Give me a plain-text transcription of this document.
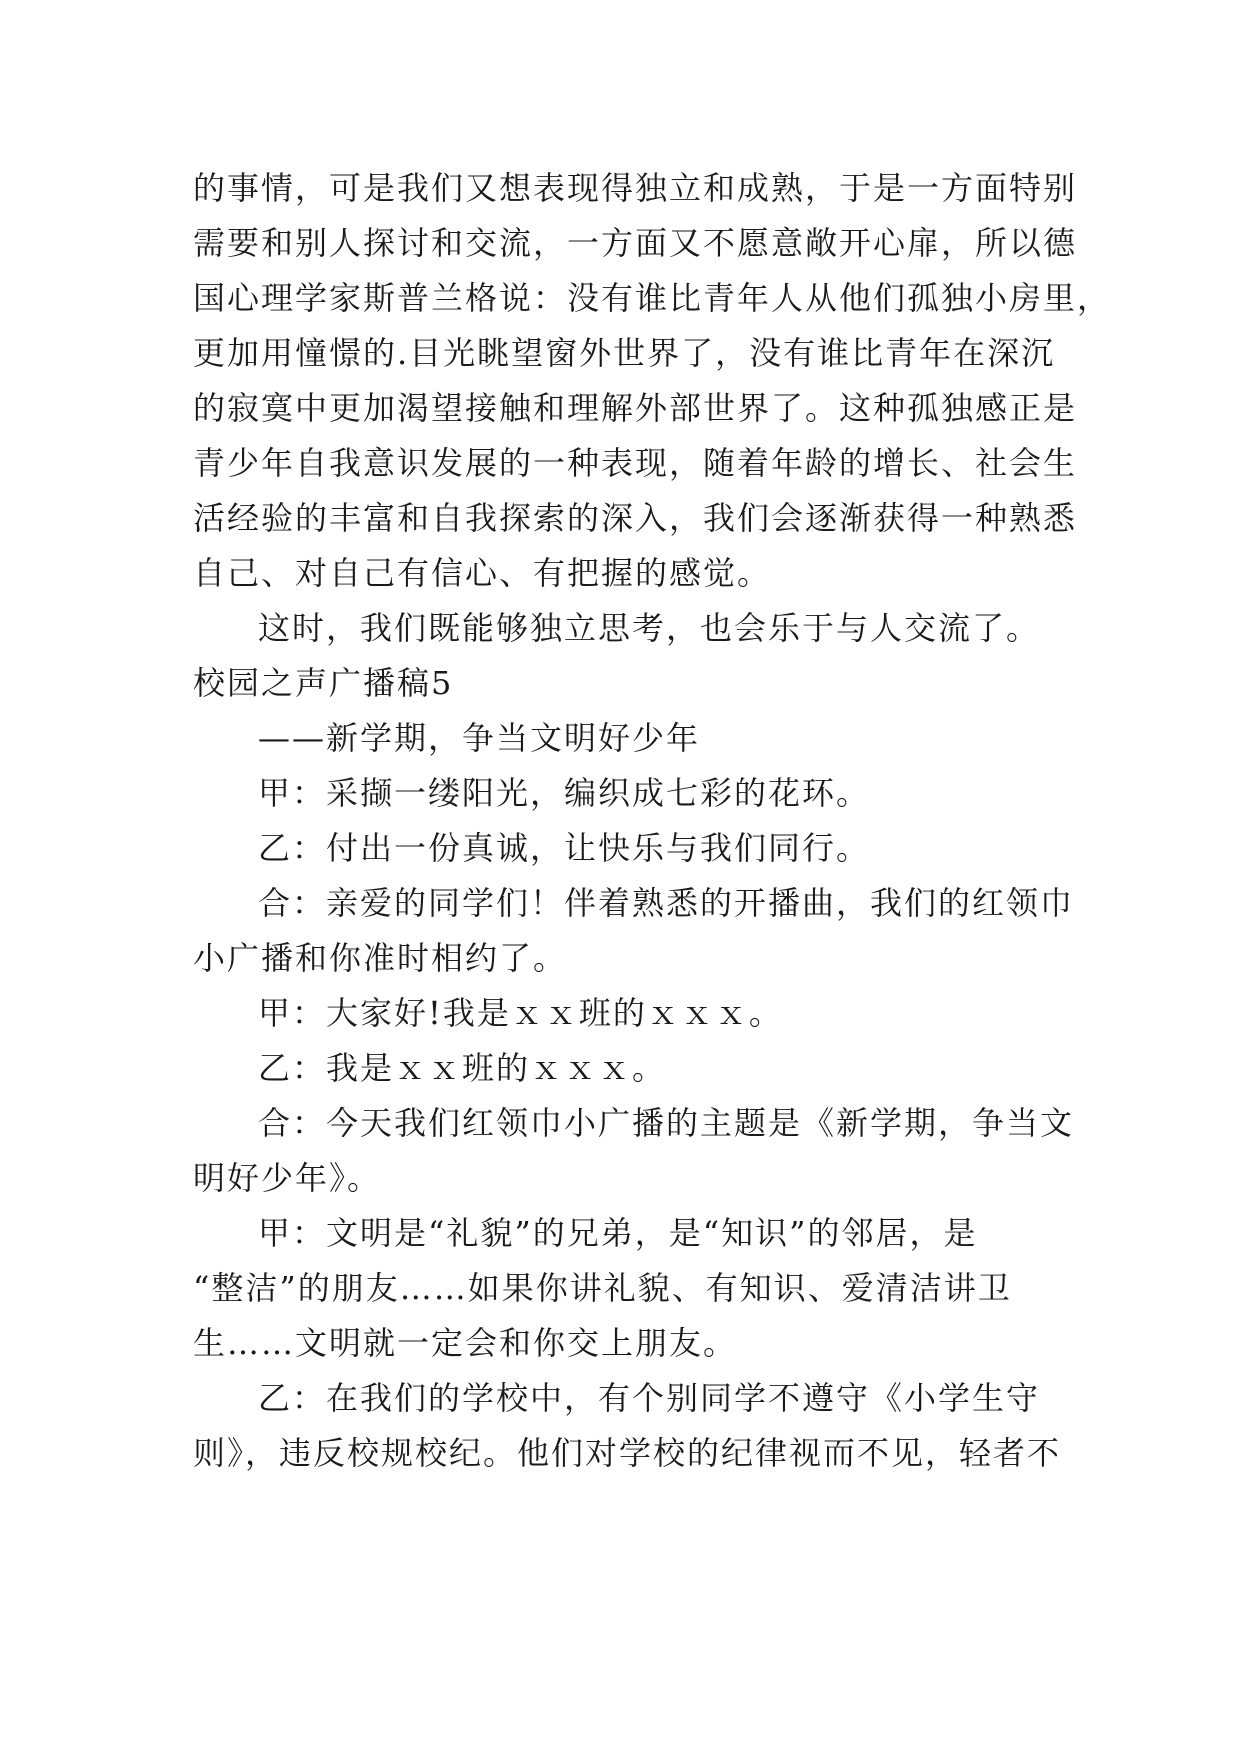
的事情，可是我们又想表现得独立和成熟，于是一方面特别
需要和别人探讨和交流，一方面又不愿意敞开心扉，所以德
国心理学家斯普兰格说：没有谁比青年人从他们孤独小房里，
更加用憧憬的.目光眺望窗外世界了，没有谁比青年在深沉
的寂寞中更加渴望接触和理解外部世界了。这种孤独感正是
青少年自我意识发展的一种表现，随着年龄的增长、社会生
活经验的丰富和自我探索的深入，我们会逐渐获得一种熟悉
自己、对自己有信心、有把握的感觉。
这时，我们既能够独立思考，也会乐于与人交流了。
校园之声广播稿5
——新学期，争当文明好少年
甲：采撷一缕阳光，编织成七彩的花环。
乙：付出一份真诚，让快乐与我们同行。
合：亲爱的同学们！伴着熟悉的开播曲，我们的红领巾
小广播和你准时相约了。
甲：大家好!我是ｘｘ班的ｘｘｘ。
乙：我是ｘｘ班的ｘｘｘ。
合：今天我们红领巾小广播的主题是《新学期，争当文
明好少年》。
甲：文明是“礼貌”的兄弟，是“知识”的邻居，是
“整洁”的朋友……如果你讲礼貌、有知识、爱清洁讲卫
生……文明就一定会和你交上朋友。
乙：在我们的学校中，有个别同学不遵守《小学生守
则》，违反校规校纪。他们对学校的纪律视而不见，轻者不
